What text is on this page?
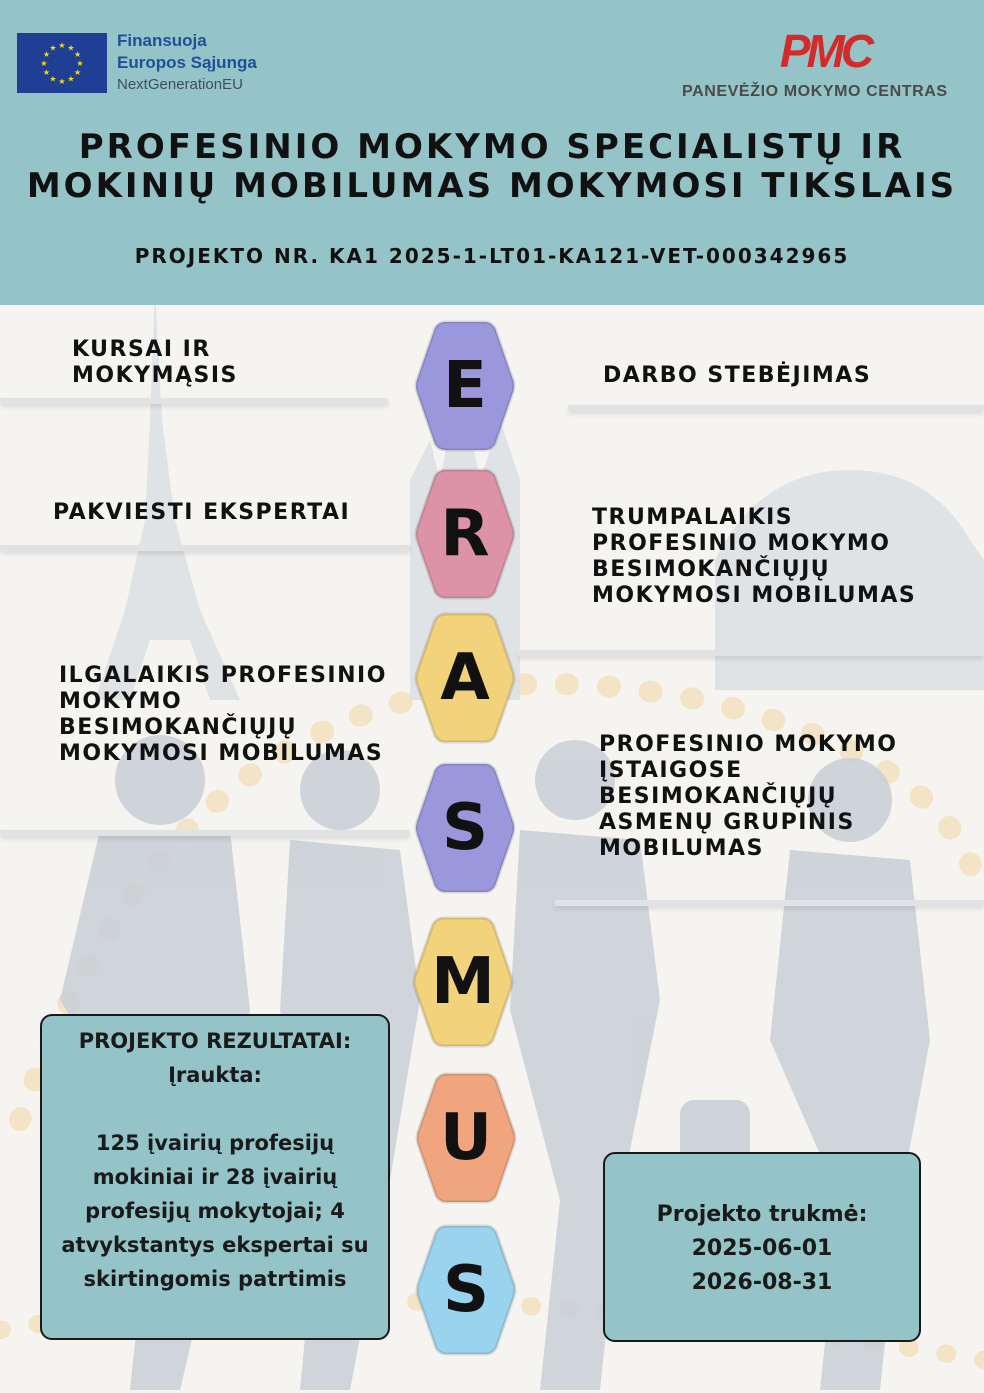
★ ★
★
★
★
★
★
★
★
★
★
★	Finansuoja
Europos Sąjunga
NextGenerationEU
PMC
PANEVĖŽIO MOKYMO CENTRAS
PROFESINIO MOKYMO SPECIALISTŲ IR
MOKINIŲ MOBILUMAS MOKYMOSI TIKSLAIS
PROJEKTO NR. KA1 2025-1-LT01-KA121-VET-000342965
KURSAI IR
MOKYMĄSIS	DARBO STEBĖJIMAS
PAKVIESTI EKSPERTAI	TRUMPALAIKIS
PROFESINIO MOKYMO
BESIMOKANČIŲJŲ
MOKYMOSI MOBILUMAS
ILGALAIKIS PROFESINIO
MOKYMO
BESIMOKANČIŲJŲ
MOKYMOSI MOBILUMAS	PROFESINIO MOKYMO
ĮSTAIGOSE
BESIMOKANČIŲJŲ
ASMENŲ GRUPINIS
MOBILUMAS
E
R
A
S
M
U
S
PROJEKTO REZULTATAI:
Įraukta:
125 įvairių profesijų
mokiniai ir 28 įvairių
profesijų mokytojai; 4
atvykstantys ekspertai su
skirtingomis patrtimis
Projekto trukmė:
2025-06-01
2026-08-31
